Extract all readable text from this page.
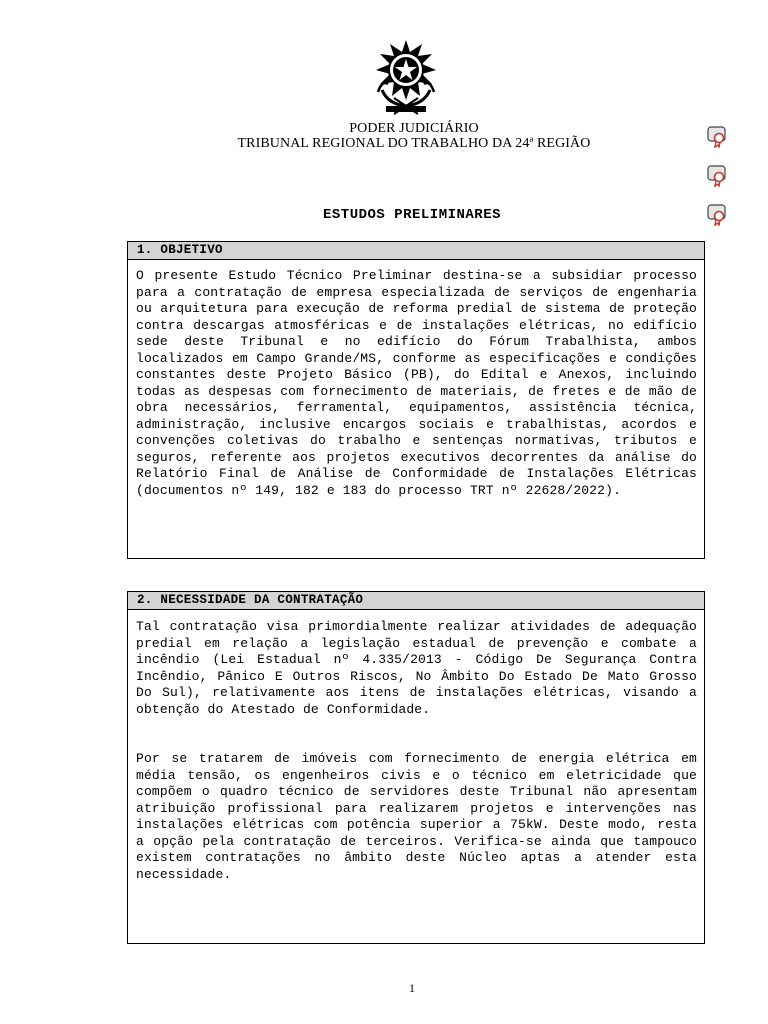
PODER JUDICIÁRIO
TRIBUNAL REGIONAL DO TRABALHO DA 24ª REGIÃO
ESTUDOS PRELIMINARES
1. OBJETIVO

O presente Estudo Técnico Preliminar destina-se a subsidiar processo para a contratação de empresa especializada de serviços de engenharia ou arquitetura para execução de reforma predial de sistema de proteção contra descargas atmosféricas e de instalações elétricas, no edifício sede deste Tribunal e no edifício do Fórum Trabalhista, ambos localizados em Campo Grande/MS, conforme as especificações e condições constantes deste Projeto Básico (PB), do Edital e Anexos, incluindo todas as despesas com fornecimento de materiais, de fretes e de mão de obra necessários, ferramental, equipamentos, assistência técnica, administração, inclusive encargos sociais e trabalhistas, acordos e convenções coletivas do trabalho e sentenças normativas, tributos e seguros, referente aos projetos executivos decorrentes da análise do Relatório Final de Análise de Conformidade de Instalações Elétricas (documentos nº 149, 182 e 183 do processo TRT nº 22628/2022).

2. NECESSIDADE DA CONTRATAÇÃO

Tal contratação visa primordialmente realizar atividades de adequação predial em relação a legislação estadual de prevenção e combate a incêndio (Lei Estadual nº 4.335/2013 - Código De Segurança Contra Incêndio, Pânico E Outros Riscos, No Âmbito Do Estado De Mato Grosso Do Sul), relativamente aos itens de instalações elétricas, visando a obtenção do Atestado de Conformidade.

Por se tratarem de imóveis com fornecimento de energia elétrica em média tensão, os engenheiros civis e o técnico em eletricidade que compõem o quadro técnico de servidores deste Tribunal não apresentam atribuição profissional para realizarem projetos e intervenções nas instalações elétricas com potência superior a 75kW. Deste modo, resta a opção pela contratação de terceiros. Verifica-se ainda que tampouco existem contratações no âmbito deste Núcleo aptas a atender esta necessidade.

1
